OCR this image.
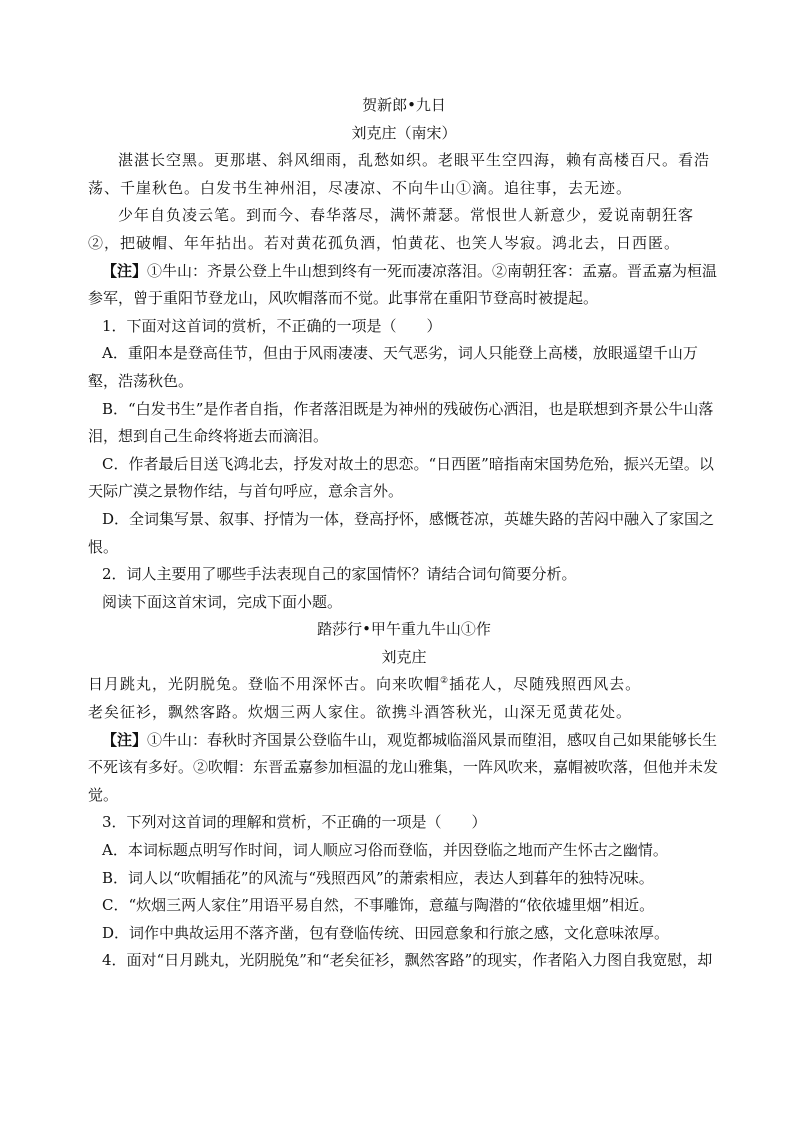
贺新郎•九日

刘克庄（南宋）

湛湛长空黑。更那堪、斜风细雨，乱愁如织。老眼平生空四海，赖有高楼百尺。看浩荡、千崖秋色。白发书生神州泪，尽凄凉、不向牛山①滴。追往事，去无迹。

少年自负凌云笔。到而今、春华落尽，满怀萧瑟。常恨世人新意少，爱说南朝狂客②，把破帽、年年拈出。若对黄花孤负酒，怕黄花、也笑人岑寂。鸿北去，日西匿。

【注】①牛山：齐景公登上牛山想到终有一死而凄凉落泪。②南朝狂客：孟嘉。晋孟嘉为桓温参军，曾于重阳节登龙山，风吹帽落而不觉。此事常在重阳节登高时被提起。

1．下面对这首词的赏析，不正确的一项是（　　）

A．重阳本是登高佳节，但由于风雨凄凄、天气恶劣，词人只能登上高楼，放眼遥望千山万壑，浩荡秋色。

B．“白发书生”是作者自指，作者落泪既是为神州的残破伤心洒泪，也是联想到齐景公牛山落泪，想到自己生命终将逝去而滴泪。

C．作者最后目送飞鸿北去，抒发对故土的思恋。“日西匿”暗指南宋国势危殆，振兴无望。以天际广漠之景物作结，与首句呼应，意余言外。

D．全词集写景、叙事、抒情为一体，登高抒怀，感慨苍凉，英雄失路的苦闷中融入了家国之恨。

2．词人主要用了哪些手法表现自己的家国情怀？请结合词句简要分析。

阅读下面这首宋词，完成下面小题。

踏莎行•甲午重九牛山①作

刘克庄

日月跳丸，光阴脱兔。登临不用深怀古。向来吹帽②插花人，尽随残照西风去。

老矣征衫，飘然客路。炊烟三两人家住。欲携斗酒答秋光，山深无觅黄花处。

【注】①牛山：春秋时齐国景公登临牛山，观览都城临淄风景而堕泪，感叹自己如果能够长生不死该有多好。②吹帽：东晋孟嘉参加桓温的龙山雅集，一阵风吹来，嘉帽被吹落，但他并未发觉。

3．下列对这首词的理解和赏析，不正确的一项是（　　）

A．本词标题点明写作时间，词人顺应习俗而登临，并因登临之地而产生怀古之幽情。

B．词人以“吹帽插花”的风流与“残照西风”的萧索相应，表达人到暮年的独特况味。

C．“炊烟三两人家住”用语平易自然，不事雕饰，意蕴与陶潜的“依依墟里烟”相近。

D．词作中典故运用不落齐凿，包有登临传统、田园意象和行旅之感，文化意味浓厚。

4．面对“日月跳丸，光阴脱兔”和“老矣征衫，飘然客路”的现实，作者陷入力图自我宽慰，却
